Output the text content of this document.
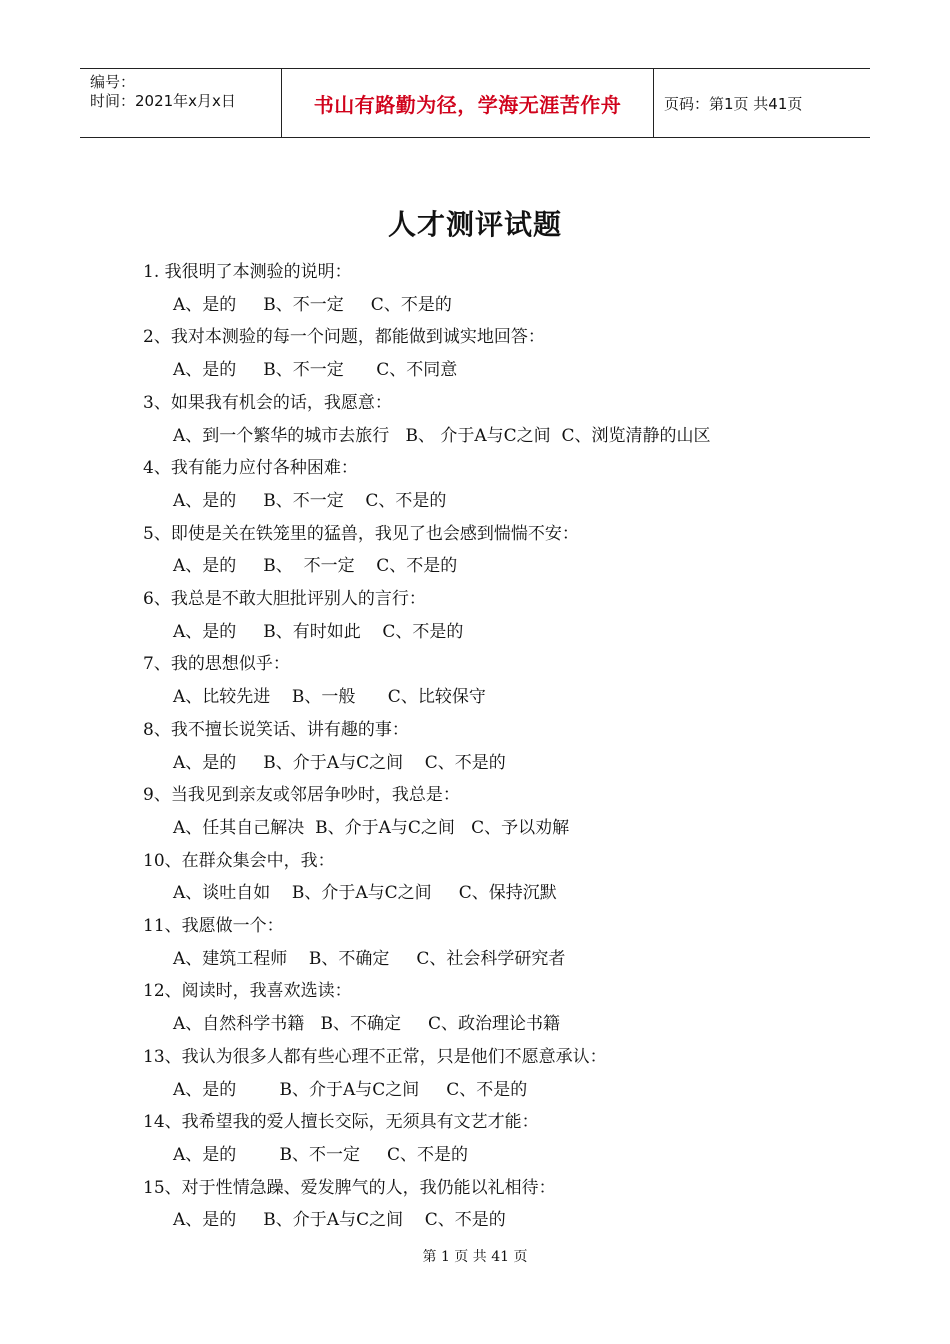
编号：
时间：2021年x月x日	书山有路勤为径，学海无涯苦作舟	页码：第1页 共41页
人才测评试题
1. 我很明了本测验的说明：
A、是的     B、不一定     C、不是的
2、我对本测验的每一个问题，都能做到诚实地回答：
A、是的     B、不一定      C、不同意
3、如果我有机会的话，我愿意：
A、到一个繁华的城市去旅行   B、 介于A与C之间  C、浏览清静的山区
4、我有能力应付各种困难：
A、是的     B、不一定    C、不是的
5、即使是关在铁笼里的猛兽，我见了也会感到惴惴不安：
A、是的     B、  不一定    C、不是的
6、我总是不敢大胆批评别人的言行：
A、是的     B、有时如此    C、不是的
7、我的思想似乎：
A、比较先进    B、一般      C、比较保守
8、我不擅长说笑话、讲有趣的事：
A、是的     B、介于A与C之间    C、不是的
9、当我见到亲友或邻居争吵时，我总是：
A、任其自己解决  B、介于A与C之间   C、予以劝解
10、在群众集会中，我：
A、谈吐自如    B、介于A与C之间     C、保持沉默
11、我愿做一个：
A、建筑工程师    B、不确定     C、社会科学研究者
12、阅读时，我喜欢选读：
A、自然科学书籍   B、不确定     C、政治理论书籍
13、我认为很多人都有些心理不正常，只是他们不愿意承认：
A、是的        B、介于A与C之间     C、不是的
14、我希望我的爱人擅长交际，无须具有文艺才能：
A、是的        B、不一定     C、不是的
15、对于性情急躁、爱发脾气的人，我仍能以礼相待：
A、是的     B、介于A与C之间    C、不是的
第 1 页 共 41 页
